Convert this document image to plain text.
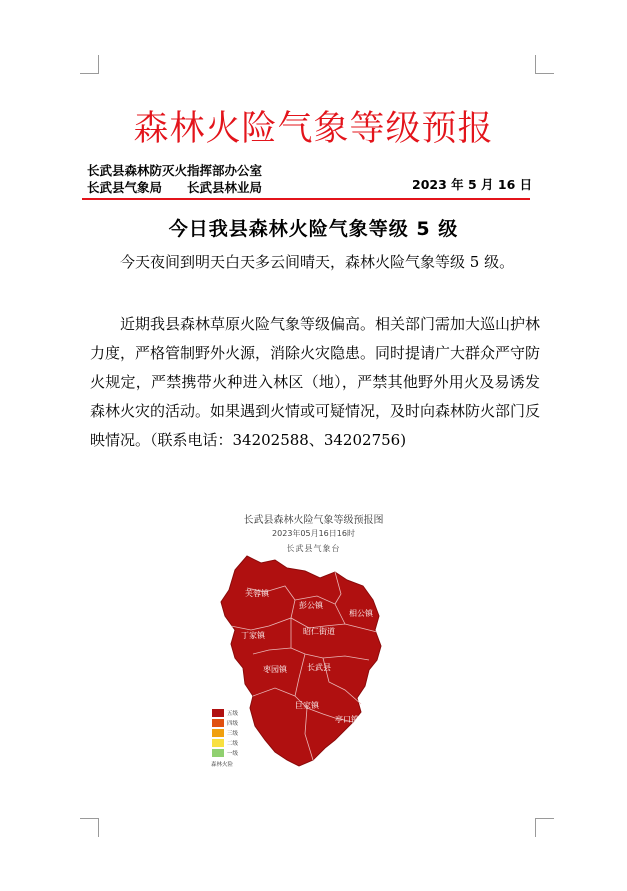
森林火险气象等级预报
长武县森林防灭火指挥部办公室
长武县气象局 长武县林业局	2023 年 5 月 16 日
今日我县森林火险气象等级 5 级

今天夜间到明天白天多云间晴天，森林火险气象等级 5 级。

近期我县森林草原火险气象等级偏高。相关部门需加大巡山护林力度，严格管制野外火源，消除火灾隐患。同时提请广大群众严守防火规定，严禁携带火种进入林区（地），严禁其他野外用火及易诱发森林火灾的活动。如果遇到火情或可疑情况，及时向森林防火部门反映情况。（联系电话：34202588、34202756)

长武县森林火险气象等级预报图
2023年05月16日16时
长武县气象台
芙蓉镇
彭公镇
相公镇
丁家镇	昭仁街道
枣园镇	长武县
巨家镇
亭口镇
五级
四级
三级
二级
一级
森林火险
